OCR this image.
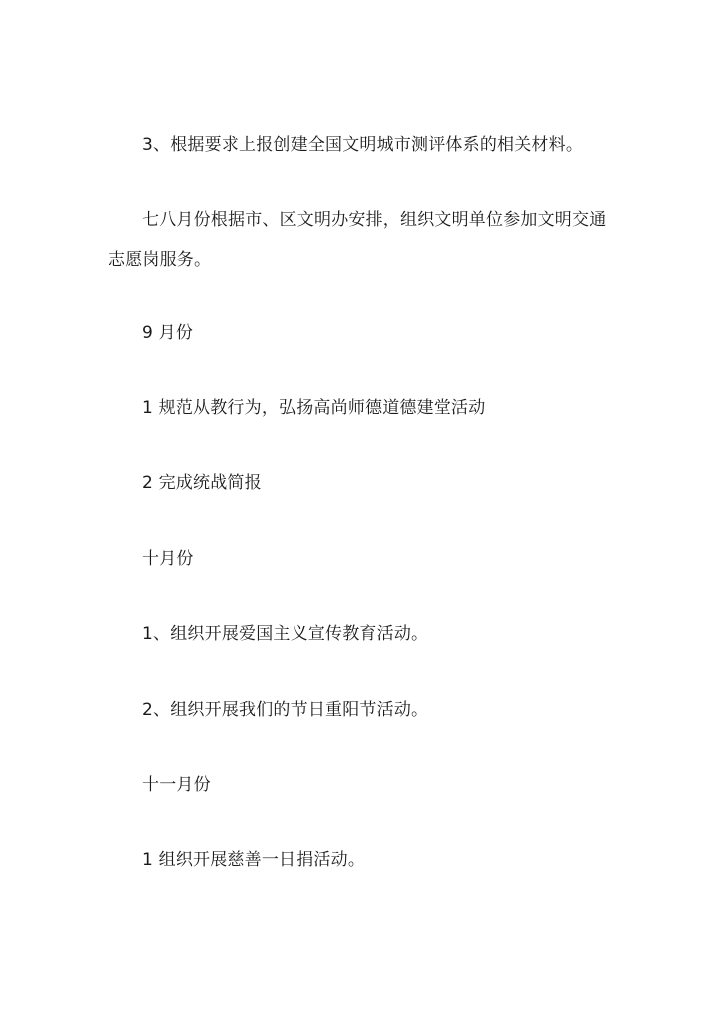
3、根据要求上报创建全国文明城市测评体系的相关材料。

七八月份根据市、区文明办安排，组织文明单位参加文明交通志愿岗服务。

9 月份

1 规范从教行为，弘扬高尚师德道德建堂活动

2 完成统战简报

十月份

1、组织开展爱国主义宣传教育活动。

2、组织开展我们的节日重阳节活动。

十一月份

1 组织开展慈善一日捐活动。
